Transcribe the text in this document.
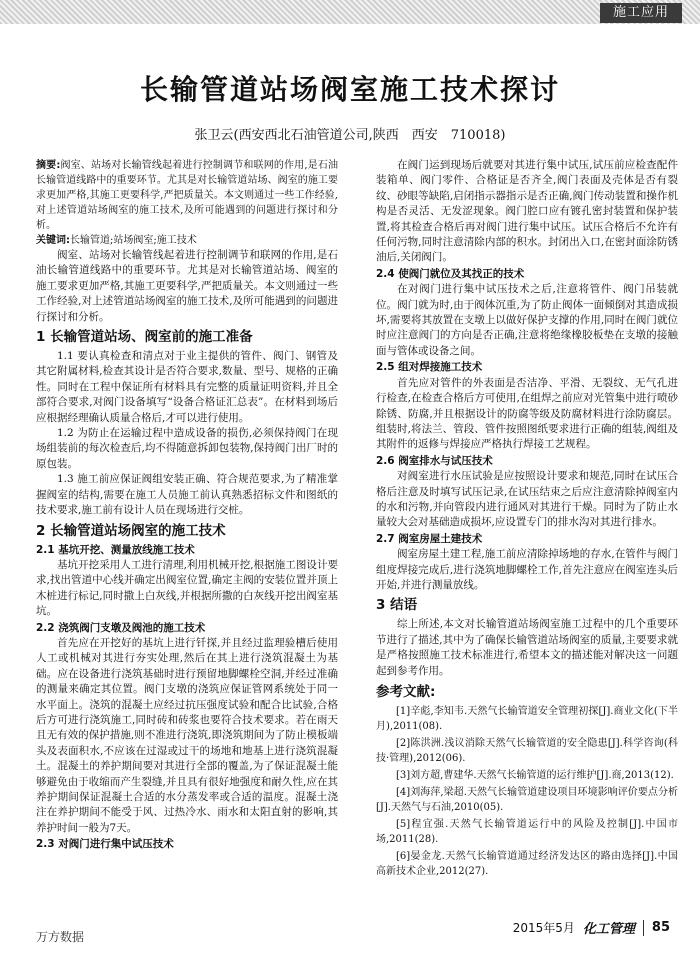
施工应用
长输管道站场阀室施工技术探讨
张卫云(西安西北石油管道公司,陕西　西安　710018)

摘要:阀室、站场对长输管线起着进行控制调节和联网的作用,是石油长输管道线路中的重要环节。尤其是对长输管道站场、阀室的施工要求更加严格,其施工更要科学,严把质量关。本文则通过一些工作经验,对上述管道站场阀室的施工技术,及所可能遇到的问题进行探讨和分析。

关键词:长输管道;站场阀室;施工技术

阀室、站场对长输管线起着进行控制调节和联网的作用,是石油长输管道线路中的重要环节。尤其是对长输管道站场、阀室的施工要求更加严格,其施工更要科学,严把质量关。本文则通过一些工作经验,对上述管道站场阀室的施工技术,及所可能遇到的问题进行探讨和分析。

1 长输管道站场、阀室前的施工准备

1.1 要认真检查和清点对于业主提供的管件、阀门、钢管及其它附属材料,检查其设计是否符合要求,数量、型号、规格的正确性。同时在工程中保证所有材料具有完整的质量证明资料,并且全部符合要求,对阀门设备填写“设备合格证汇总表”。在材料到场后应根据经理确认质量合格后,才可以进行使用。

1.2 为防止在运输过程中造成设备的损伤,必须保持阀门在现场组装前的每次检查后,均不得随意拆卸包装物,保持阀门出厂时的原包装。

1.3 施工前应保证阀组安装正确、符合规范要求,为了精准掌握阀室的结构,需要在施工人员施工前认真熟悉招标文件和图纸的技术要求,施工前有设计人员在现场进行交桩。

2 长输管道站场阀室的施工技术
2.1 基坑开挖、测量放线施工技术

基坑开挖采用人工进行清理,利用机械开挖,根据施工图设计要求,找出管道中心线并确定出阀室位置,确定主阀的安装位置并顶上木桩进行标记,同时撒上白灰线,并根据所撒的白灰线开挖出阀室基坑。

2.2 浇筑阀门支墩及阀池的施工技术

首先应在开挖好的基坑上进行钎探,并且经过监理验槽后使用人工或机械对其进行夯实处理,然后在其上进行浇筑混凝土为基础。应在设备进行浇筑基础时进行预留地脚螺栓空洞,并经过准确的测量来确定其位置。阀门支墩的浇筑应保证管网系统处于同一水平面上。浇筑的混凝土应经过抗压强度试验和配合比试验,合格后方可进行浇筑施工,同时砖和砖浆也要符合技术要求。若在雨天且无有效的保护措施,则不准进行浇筑,即浇筑期间为了防止模板端头及表面积水,不应该在过湿或过干的场地和地基上进行浇筑混凝土。混凝土的养护期间要对其进行全部的覆盖,为了保证混凝土能够避免由于收缩而产生裂缝,并且具有很好地强度和耐久性,应在其养护期间保证混凝土合适的水分蒸发率或合适的温度。混凝土浇注在养护期间不能受于风、过热冷水、雨水和太阳直射的影响,其养护时间一般为7天。

2.3 对阀门进行集中试压技术

在阀门运到现场后就要对其进行集中试压,试压前应检查配件装箱单、阀门零件、合格证是否齐全,阀门表面及壳体是否有裂纹、砂眼等缺陷,启闭指示器指示是否正确,阀门传动装置和操作机构是否灵活、无发涩现象。阀门腔口应有镀孔密封装置和保护装置,将其检查合格后再对阀门进行集中试压。试压合格后不允许有任何污物,同时注意清除内部的积水。封闭出入口,在密封面涂防锈油后,关闭阀门。

2.4 使阀门就位及其找正的技术

在对阀门进行集中试压技术之后,注意将管件、阀门吊装就位。阀门就为时,由于阀体沉重,为了防止阀体一面倾倒对其造成损坏,需要将其放置在支墩上以做好保护支撑的作用,同时在阀门就位时应注意阀门的方向是否正确,注意将绝缘橡胶板垫在支墩的接触面与管体或设备之间。

2.5 组对焊接施工技术

首先应对管件的外表面是否洁净、平滑、无裂纹、无气孔进行检查,在检查合格后方可使用,在组焊之前应对光管集中进行喷砂除锈、防腐,并且根据设计的防腐等级及防腐材料进行涂防腐层。组装时,将法兰、管段、管件按照图纸要求进行正确的组装,阀组及其附件的返修与焊接应严格执行焊接工艺规程。

2.6 阀室排水与试压技术

对阀室进行水压试验是应按照设计要求和规范,同时在试压合格后注意及时填写试压记录,在试压结束之后应注意清除掉阀室内的水和污物,并向管段内进行通风对其进行干燥。同时为了防止水量较大会对基础造成损坏,应设置专门的排水沟对其进行排水。

2.7 阀室房屋土建技术

阀室房屋土建工程,施工前应清除掉场地的存水,在管件与阀门组度焊接完成后,进行浇筑地脚螺栓工作,首先注意应在阀室连头后开始,并进行测量放线。

3 结语

综上所述,本文对长输管道站场阀室施工过程中的几个重要环节进行了描述,其中为了确保长输管道站场阀室的质量,主要要求就是严格按照施工技术标准进行,希望本文的描述能对解决这一问题起到参考作用。

参考文献:

[1]辛彪,李知韦.天然气长输管道安全管理初探[J].商业文化(下半月),2011(08).

[2]陈洪洲.浅议消除天然气长输管道的安全隐患[J].科学咨询(科技·管理),2012(06).

[3]刘方超,曹建华.天然气长输管道的运行维护[J].商,2013(12).

[4]刘海萍,梁超.天然气长输管道建设项目环境影响评价要点分析[J].天然气与石油,2010(05).

[5]程宜强.天然气长输管道运行中的风险及控制[J].中国市场,2011(28).

[6]晏金龙.天然气长输管道通过经济发达区的路由选择[J].中国高新技术企业,2012(27).

万方数据
2015年5月 化工管理 85
